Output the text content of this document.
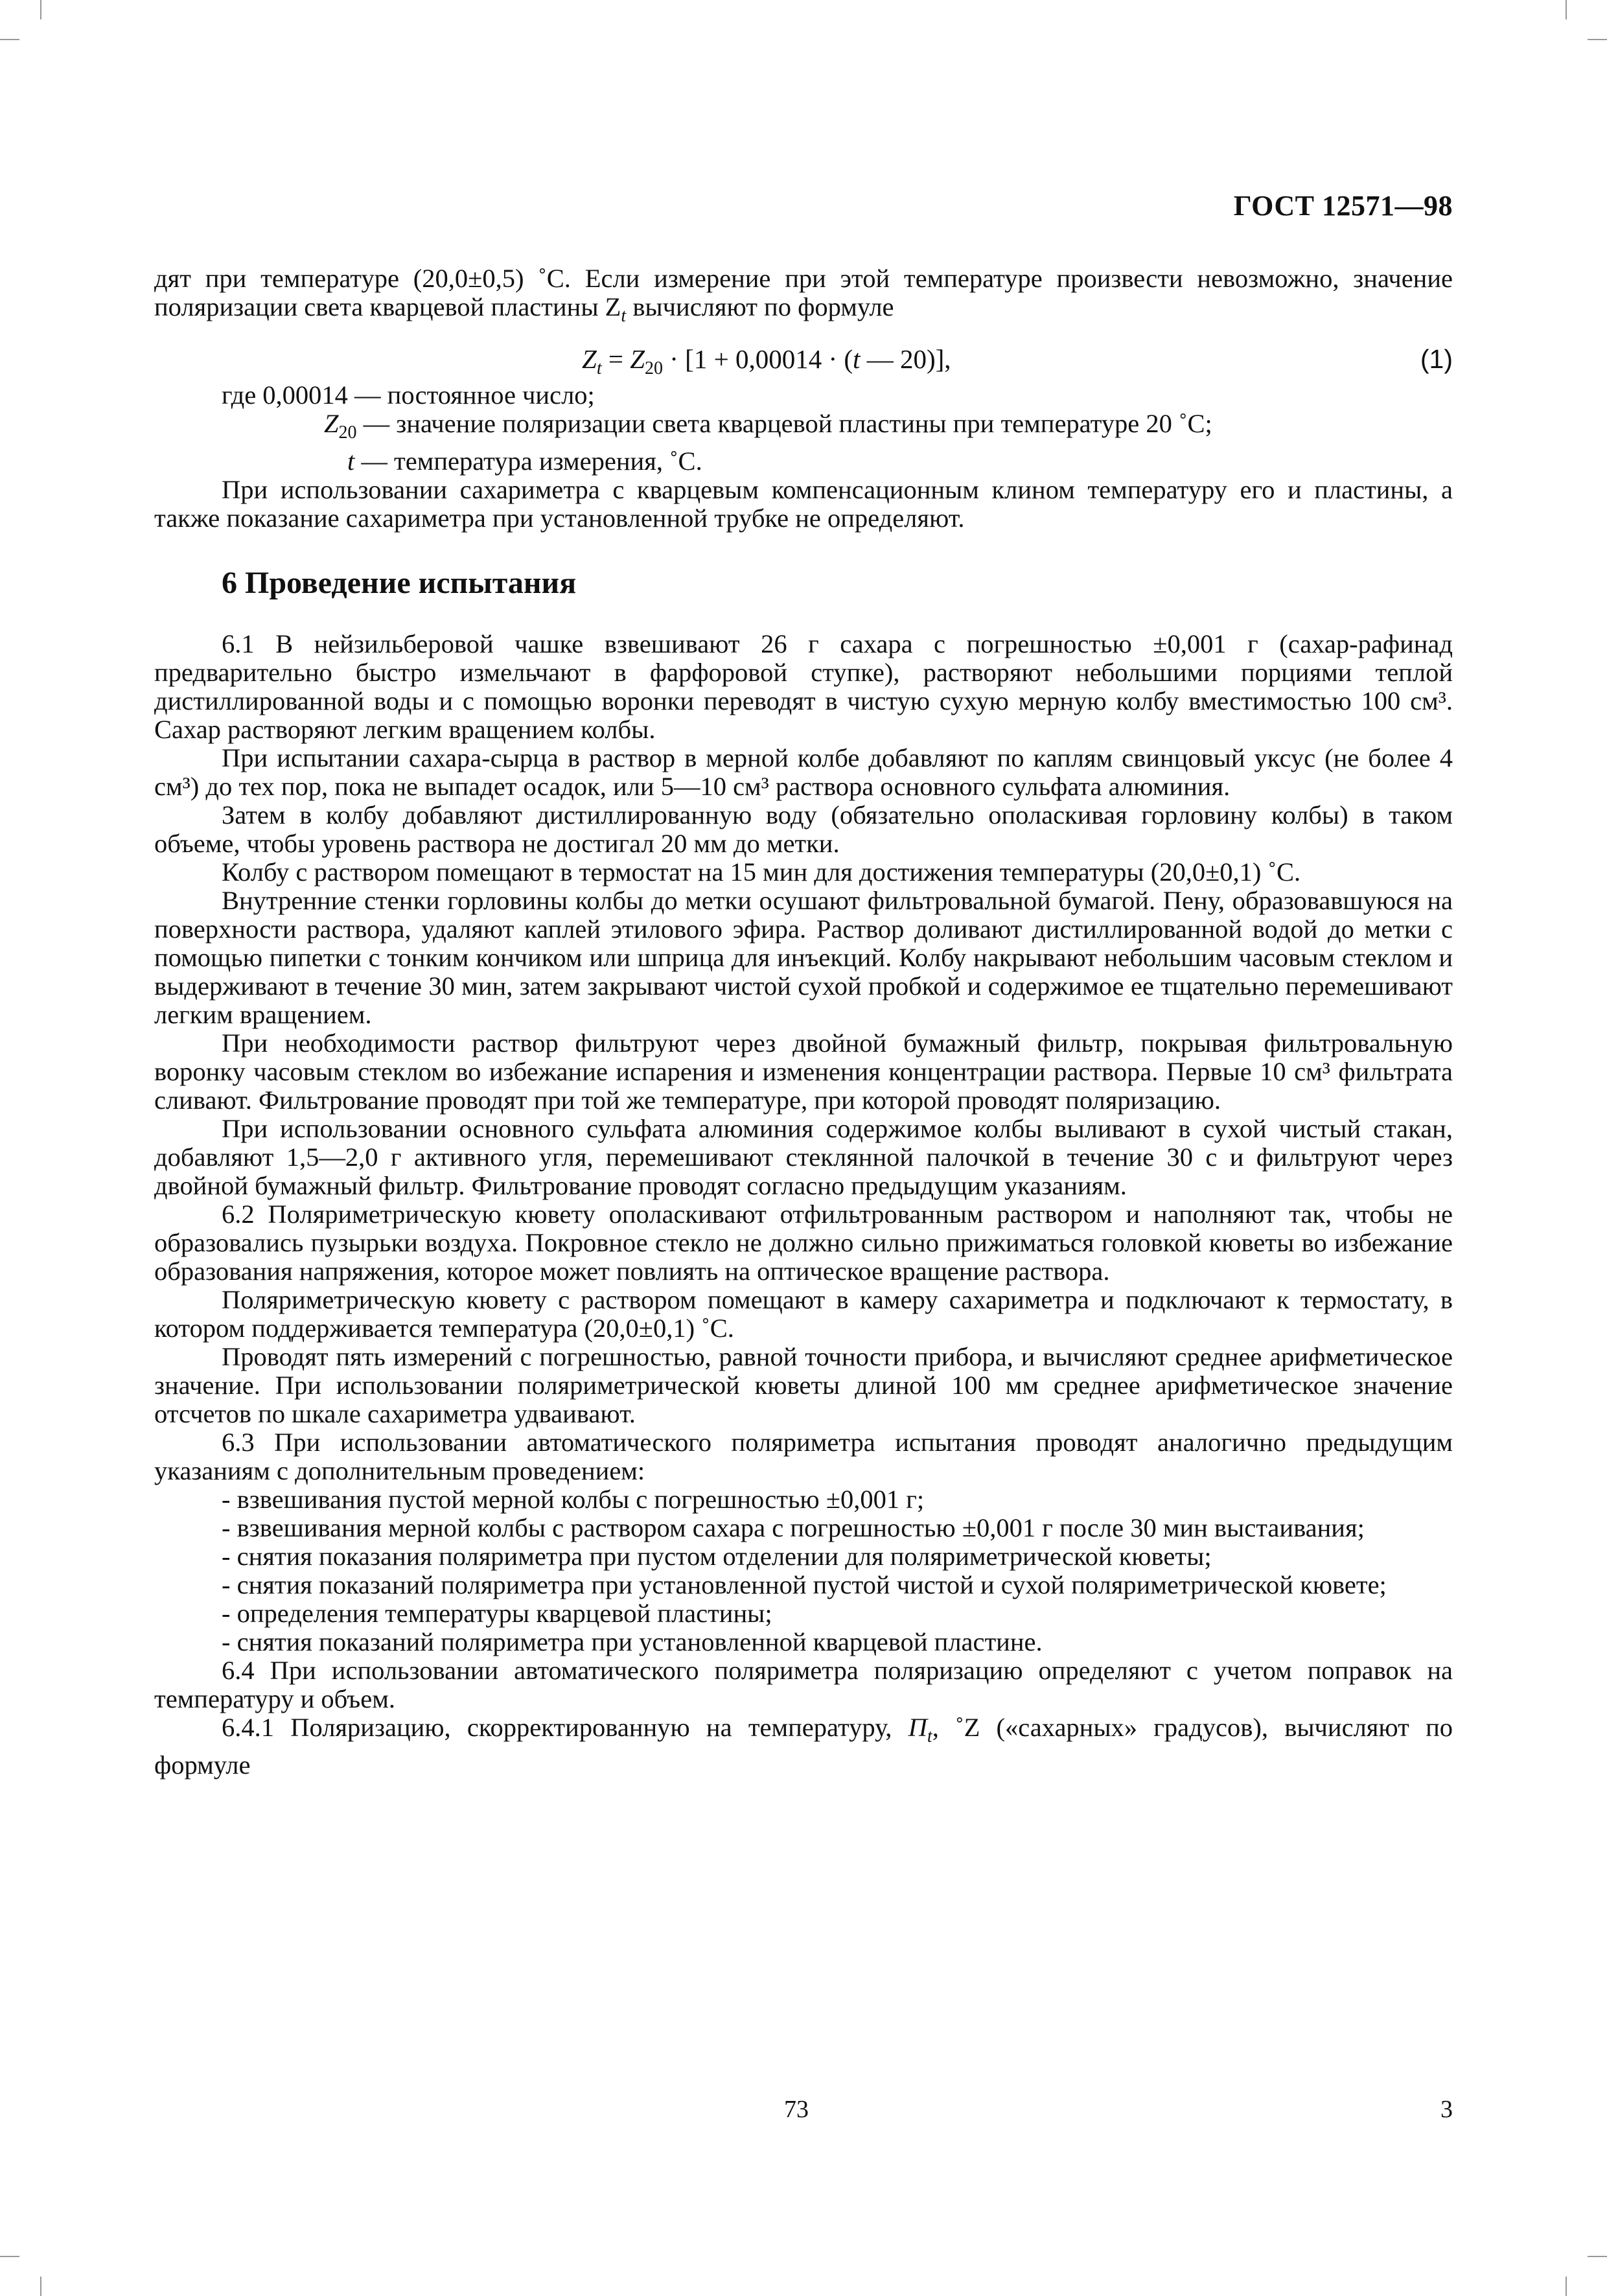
ГОСТ 12571—98

дят при температуре (20,0±0,5) ˚С. Если измерение при этой температуре произвести невозможно, значение поляризации света кварцевой пластины $Z_t$ вычисляют по формуле

$Z_t = Z_{20} \cdot [1 + 0,00014 \cdot (t$ — 20)],	(1)

где 0,00014 — постоянное число;

$Z_{20}$ — значение поляризации света кварцевой пластины при температуре 20 ˚С;

t — температура измерения, ˚С.

При использовании сахариметра с кварцевым компенсационным клином температуру его и пластины, а также показание сахариметра при установленной трубке не определяют.

6 Проведение испытания

6.1 В нейзильберовой чашке взвешивают 26 г сахара с погрешностью ±0,001 г (сахар-рафинад предварительно быстро измельчают в фарфоровой ступке), растворяют небольшими порциями теплой дистиллированной воды и с помощью воронки переводят в чистую сухую мерную колбу вместимостью 100 см³. Сахар растворяют легким вращением колбы.

При испытании сахара-сырца в раствор в мерной колбе добавляют по каплям свинцовый уксус (не более 4 см³) до тех пор, пока не выпадет осадок, или 5—10 см³ раствора основного сульфата алюминия.

Затем в колбу добавляют дистиллированную воду (обязательно ополаскивая горловину колбы) в таком объеме, чтобы уровень раствора не достигал 20 мм до метки.

Колбу с раствором помещают в термостат на 15 мин для достижения температуры (20,0±0,1) ˚С.

Внутренние стенки горловины колбы до метки осушают фильтровальной бумагой. Пену, образовавшуюся на поверхности раствора, удаляют каплей этилового эфира. Раствор доливают дистиллированной водой до метки с помощью пипетки с тонким кончиком или шприца для инъекций. Колбу накрывают небольшим часовым стеклом и выдерживают в течение 30 мин, затем закрывают чистой сухой пробкой и содержимое ее тщательно перемешивают легким вращением.

При необходимости раствор фильтруют через двойной бумажный фильтр, покрывая фильтровальную воронку часовым стеклом во избежание испарения и изменения концентрации раствора. Первые 10 см³ фильтрата сливают. Фильтрование проводят при той же температуре, при которой проводят поляризацию.

При использовании основного сульфата алюминия содержимое колбы выливают в сухой чистый стакан, добавляют 1,5—2,0 г активного угля, перемешивают стеклянной палочкой в течение 30 с и фильтруют через двойной бумажный фильтр. Фильтрование проводят согласно предыдущим указаниям.

6.2 Поляриметрическую кювету ополаскивают отфильтрованным раствором и наполняют так, чтобы не образовались пузырьки воздуха. Покровное стекло не должно сильно прижиматься головкой кюветы во избежание образования напряжения, которое может повлиять на оптическое вращение раствора.

Поляриметрическую кювету с раствором помещают в камеру сахариметра и подключают к термостату, в котором поддерживается температура (20,0±0,1) ˚С.

Проводят пять измерений с погрешностью, равной точности прибора, и вычисляют среднее арифметическое значение. При использовании поляриметрической кюветы длиной 100 мм среднее арифметическое значение отсчетов по шкале сахариметра удваивают.

6.3 При использовании автоматического поляриметра испытания проводят аналогично предыдущим указаниям с дополнительным проведением:

- взвешивания пустой мерной колбы с погрешностью ±0,001 г;

- взвешивания мерной колбы с раствором сахара с погрешностью ±0,001 г после 30 мин выстаивания;

- снятия показания поляриметра при пустом отделении для поляриметрической кюветы;

- снятия показаний поляриметра при установленной пустой чистой и сухой поляриметрической кювете;

- определения температуры кварцевой пластины;

- снятия показаний поляриметра при установленной кварцевой пластине.

6.4 При использовании автоматического поляриметра поляризацию определяют с учетом поправок на температуру и объем.

6.4.1 Поляризацию, скорректированную на температуру, $П_t$, ˚Z («сахарных» градусов), вычисляют по формуле

73	3
